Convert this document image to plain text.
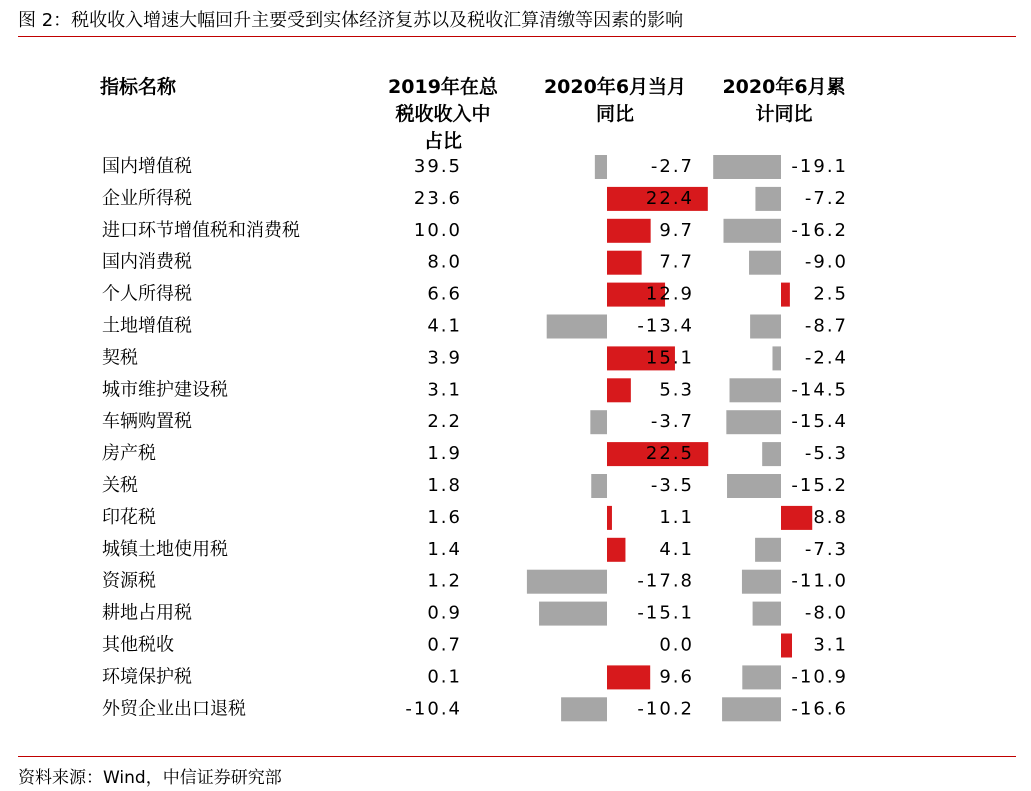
图 2：税收收入增速大幅回升主要受到实体经济复苏以及税收汇算清缴等因素的影响
指标名称	2019年在总
税收收入中
占比
2020年6月当月
同比
2020年6月累
计同比
国内增值税	39.5	-2.7	-19.1
企业所得税	23.6	22.4	-7.2
进口环节增值税和消费税	10.0	9.7	-16.2
国内消费税	8.0	7.7	-9.0
个人所得税	6.6	12.9	2.5
土地增值税	4.1	-13.4	-8.7
契税	3.9	15.1	-2.4
城市维护建设税	3.1	5.3	-14.5
车辆购置税	2.2	-3.7	-15.4
房产税	1.9	22.5	-5.3
关税	1.8	-3.5	-15.2
印花税	1.6	1.1	8.8
城镇土地使用税	1.4	4.1	-7.3
资源税	1.2	-17.8	-11.0
耕地占用税	0.9	-15.1	-8.0
其他税收	0.7	0.0	3.1
环境保护税	0.1	9.6	-10.9
外贸企业出口退税	-10.4	-10.2	-16.6
资料来源：Wind，中信证券研究部
